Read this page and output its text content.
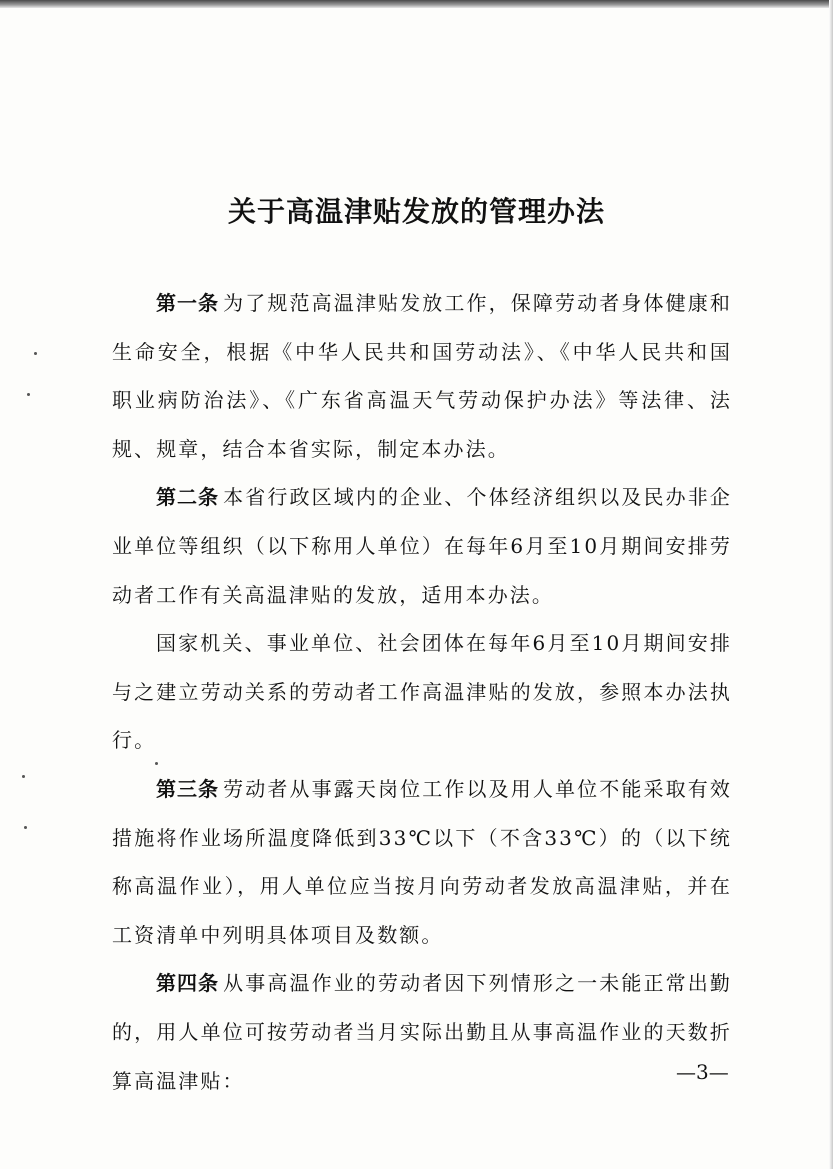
关于高温津贴发放的管理办法

第一条 为了规范高温津贴发放工作，保障劳动者身体健康和生命安全，根据《中华人民共和国劳动法》、《中华人民共和国职业病防治法》、《广东省高温天气劳动保护办法》等法律、法规、规章，结合本省实际，制定本办法。

第二条 本省行政区域内的企业、个体经济组织以及民办非企业单位等组织（以下称用人单位）在每年6月至10月期间安排劳动者工作有关高温津贴的发放，适用本办法。

国家机关、事业单位、社会团体在每年6月至10月期间安排与之建立劳动关系的劳动者工作高温津贴的发放，参照本办法执行。

第三条 劳动者从事露天岗位工作以及用人单位不能采取有效措施将作业场所温度降低到33℃以下（不含33℃）的（以下统称高温作业），用人单位应当按月向劳动者发放高温津贴，并在工资清单中列明具体项目及数额。

第四条 从事高温作业的劳动者因下列情形之一未能正常出勤的，用人单位可按劳动者当月实际出勤且从事高温作业的天数折算高温津贴：	—3—
